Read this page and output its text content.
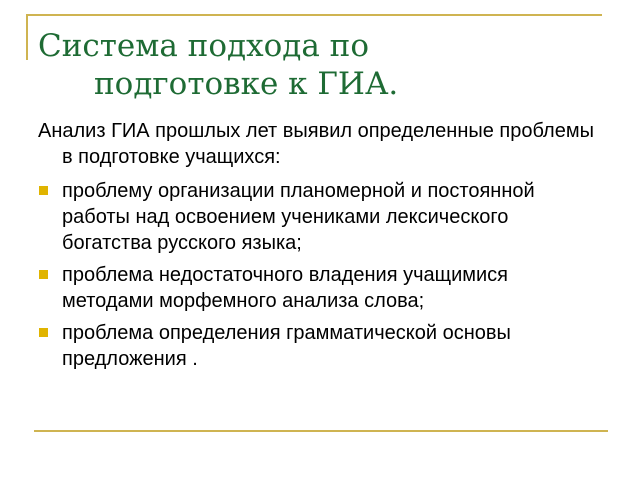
Система подхода по
подготовке к ГИА.

Анализ ГИА прошлых лет выявил определенные проблемы в подготовке учащихся:

проблему организации планомерной и постоянной работы над освоением учениками лексического богатства русского языка;
проблема недостаточного владения учащимися методами морфемного анализа слова;
проблема определения грамматической основы предложения .
